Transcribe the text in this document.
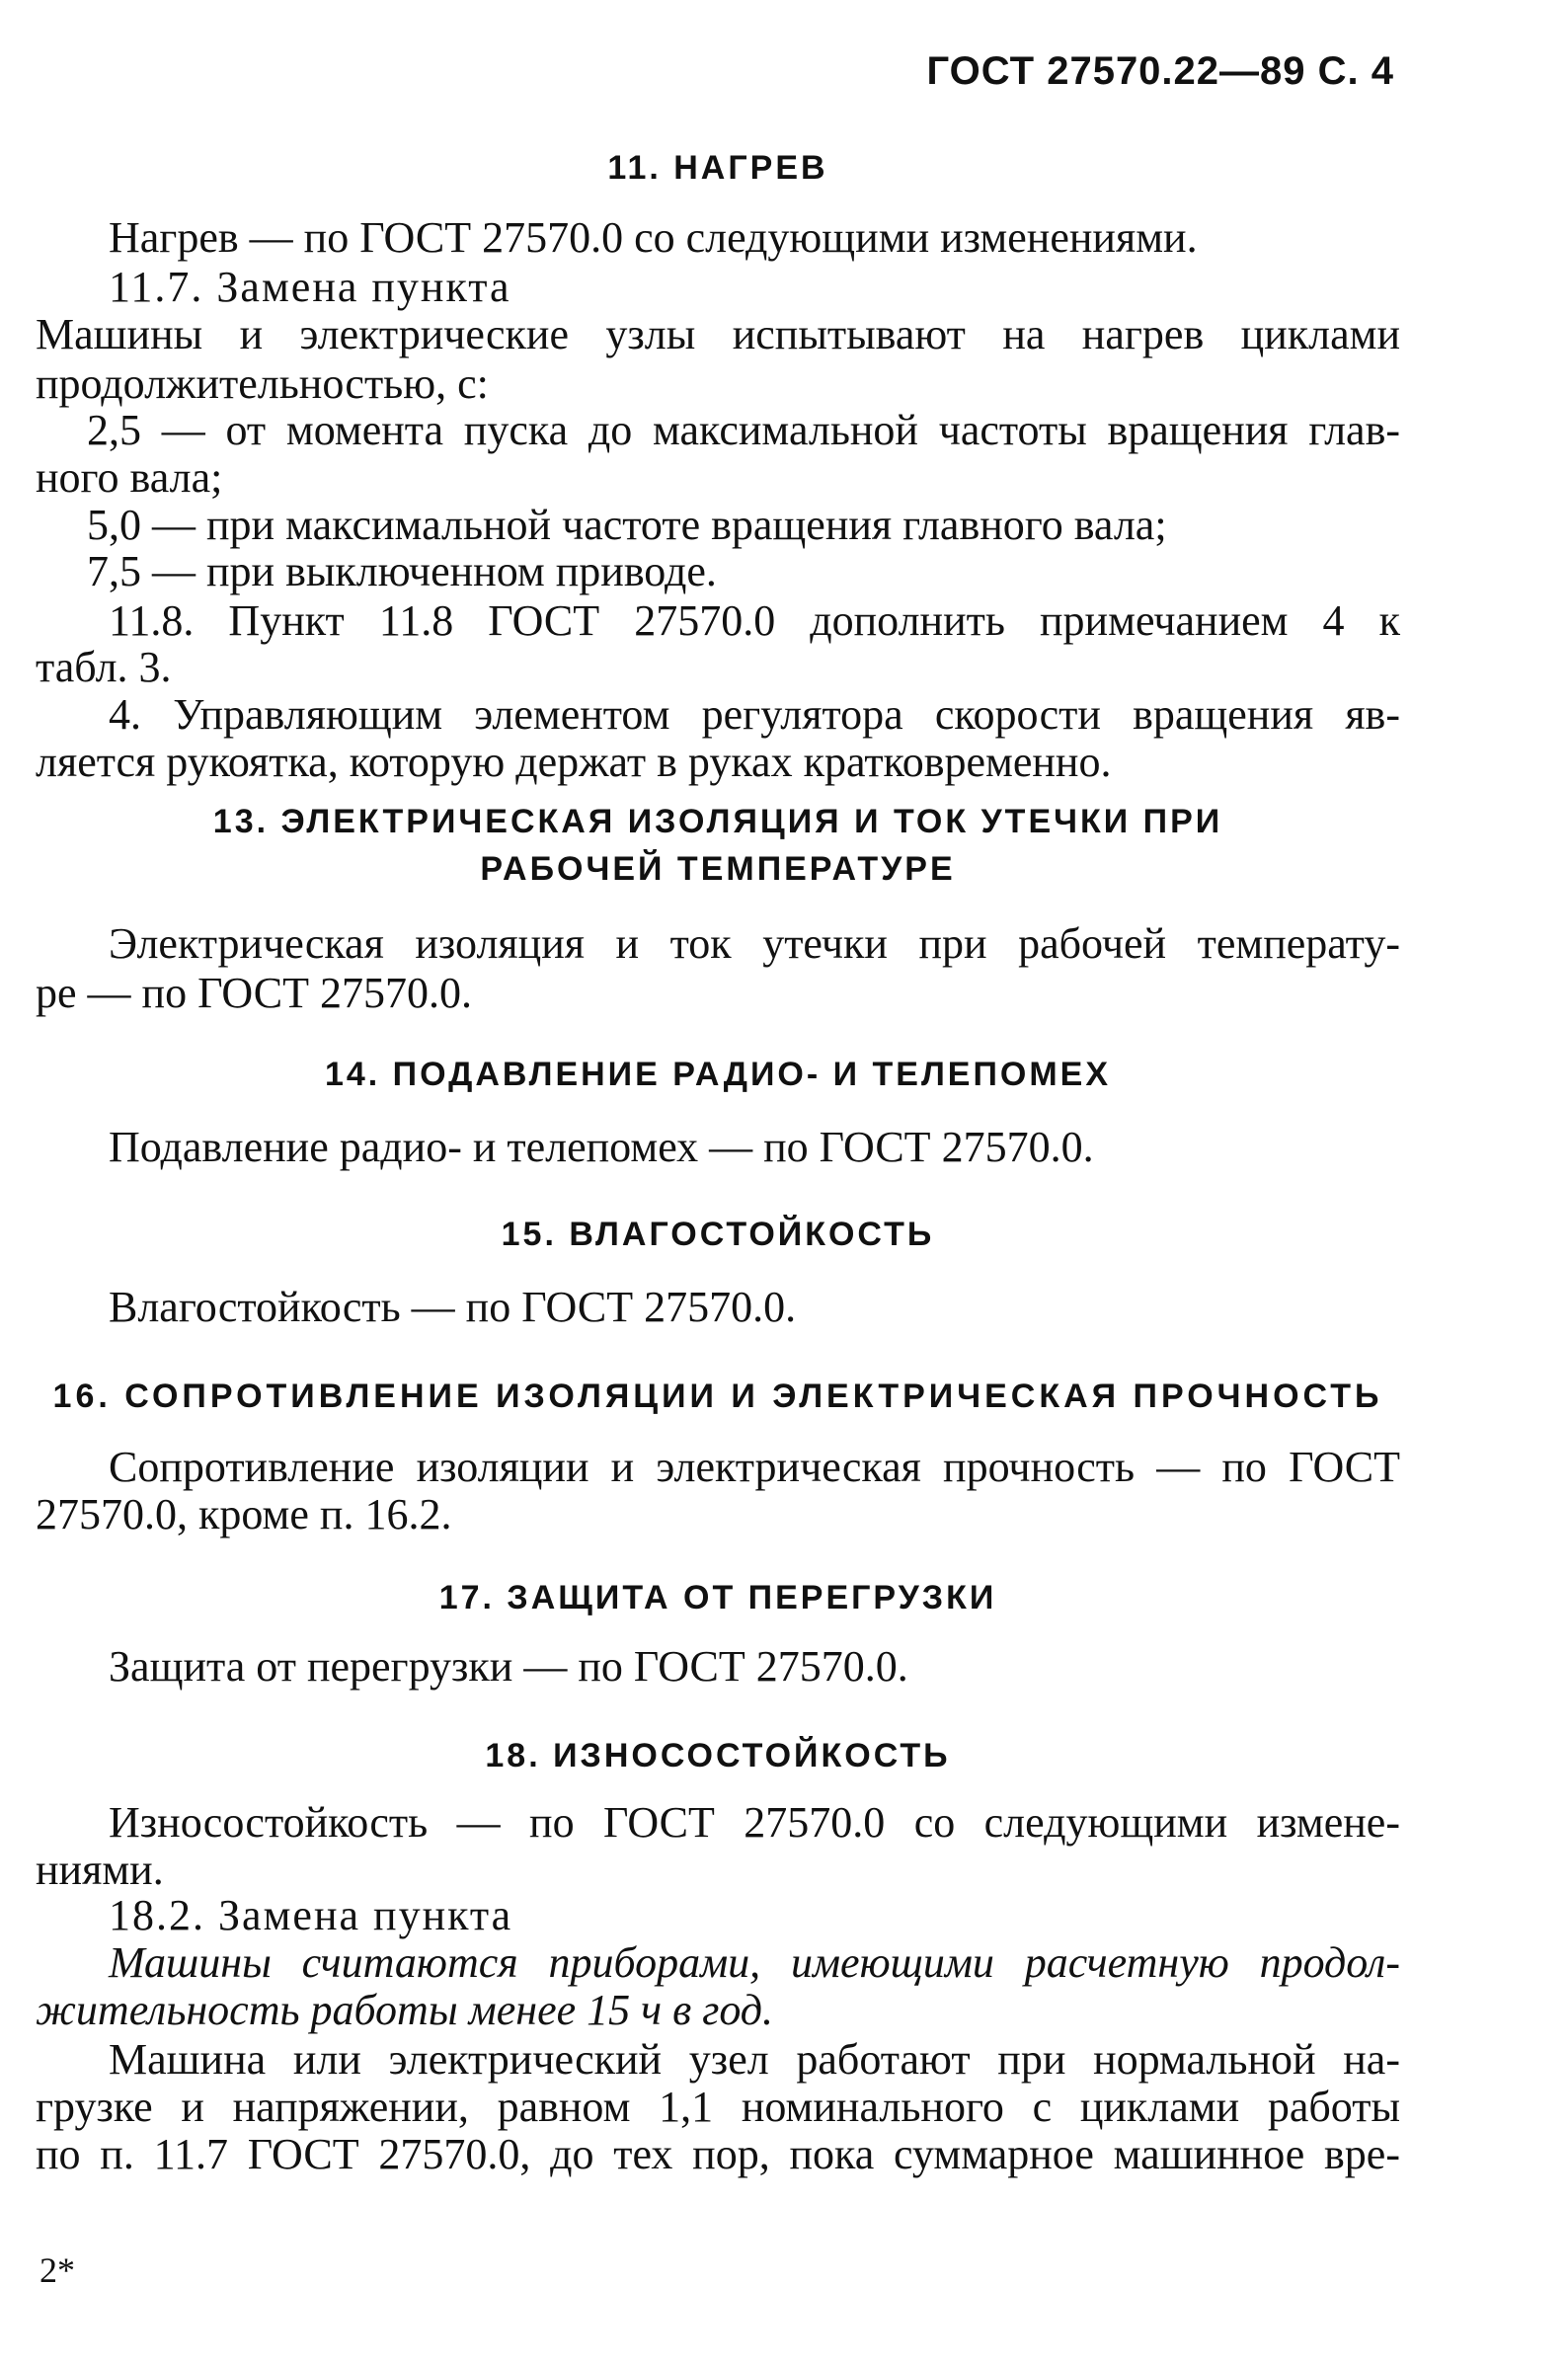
ГОСТ 27570.22—89 С. 4
11. НАГРЕВ
Нагрев — по ГОСТ 27570.0 со следующими изменениями.
11.7. Замена пункта
Машины и электрические узлы испытывают на нагрев циклами
продолжительностью, с:
2,5 — от момента пуска до максимальной частоты вращения глав-
ного вала;
5,0 — при максимальной частоте вращения главного вала;
7,5 — при выключенном приводе.
11.8. Пункт 11.8 ГОСТ 27570.0 дополнить примечанием 4 к
табл. 3.
4. Управляющим элементом регулятора скорости вращения яв-
ляется рукоятка, которую держат в руках кратковременно.
13. ЭЛЕКТРИЧЕСКАЯ ИЗОЛЯЦИЯ И ТОК УТЕЧКИ ПРИ
РАБОЧЕЙ ТЕМПЕРАТУРЕ
Электрическая изоляция и ток утечки при рабочей температу-
ре — по ГОСТ 27570.0.
14. ПОДАВЛЕНИЕ РАДИО- И ТЕЛЕПОМЕХ
Подавление радио- и телепомех — по ГОСТ 27570.0.
15. ВЛАГОСТОЙКОСТЬ
Влагостойкость — по ГОСТ 27570.0.
16. СОПРОТИВЛЕНИЕ ИЗОЛЯЦИИ И ЭЛЕКТРИЧЕСКАЯ ПРОЧНОСТЬ
Сопротивление изоляции и электрическая прочность — по ГОСТ
27570.0, кроме п. 16.2.
17. ЗАЩИТА ОТ ПЕРЕГРУЗКИ
Защита от перегрузки — по ГОСТ 27570.0.
18. ИЗНОСОСТОЙКОСТЬ
Износостойкость — по ГОСТ 27570.0 со следующими измене-
ниями.
18.2. Замена пункта
Машины считаются приборами, имеющими расчетную продол-
жительность работы менее 15 ч в год.
Машина или электрический узел работают при нормальной на-
грузке и напряжении, равном 1,1 номинального с циклами работы
по п. 11.7 ГОСТ 27570.0, до тех пор, пока суммарное машинное вре-
2*
